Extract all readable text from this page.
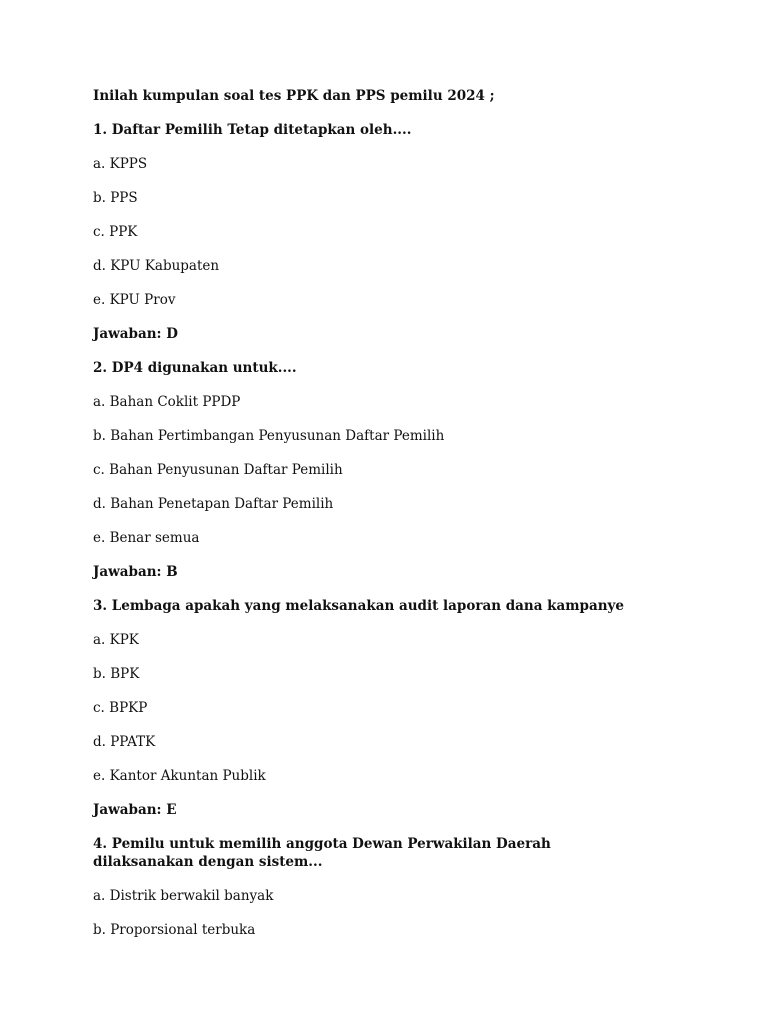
Inilah kumpulan soal tes PPK dan PPS pemilu 2024 ;
1. Daftar Pemilih Tetap ditetapkan oleh....
a. KPPS
b. PPS
c. PPK
d. KPU Kabupaten
e. KPU Prov
Jawaban: D
2. DP4 digunakan untuk....
a. Bahan Coklit PPDP
b. Bahan Pertimbangan Penyusunan Daftar Pemilih
c. Bahan Penyusunan Daftar Pemilih
d. Bahan Penetapan Daftar Pemilih
e. Benar semua
Jawaban: B
3. Lembaga apakah yang melaksanakan audit laporan dana kampanye
a. KPK
b. BPK
c. BPKP
d. PPATK
e. Kantor Akuntan Publik
Jawaban: E
4. Pemilu untuk memilih anggota Dewan Perwakilan Daerah dilaksanakan dengan sistem...
a. Distrik berwakil banyak
b. Proporsional terbuka
